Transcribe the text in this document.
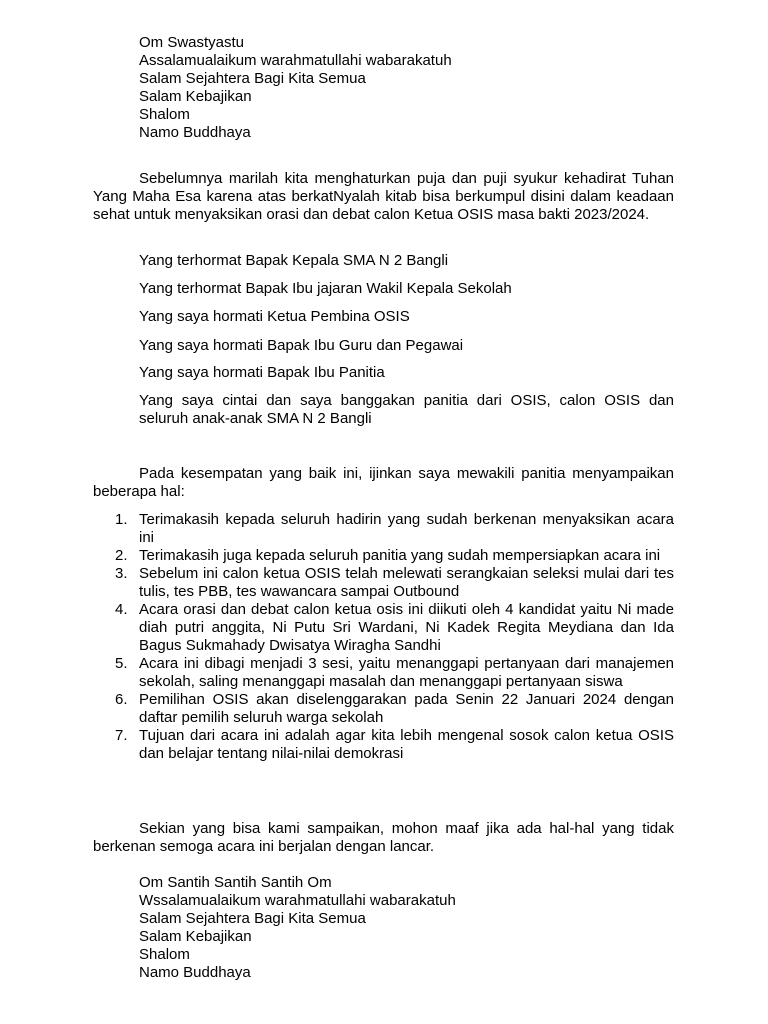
Om Swastyastu
Assalamualaikum warahmatullahi wabarakatuh
Salam Sejahtera Bagi Kita Semua
Salam Kebajikan
Shalom
Namo Buddhaya

Sebelumnya marilah kita menghaturkan puja dan puji syukur kehadirat Tuhan Yang Maha Esa karena atas berkatNyalah kitab bisa berkumpul disini dalam keadaan sehat untuk menyaksikan orasi dan debat calon Ketua OSIS masa bakti 2023/2024.

Yang terhormat Bapak Kepala SMA N 2 Bangli

Yang terhormat Bapak Ibu jajaran Wakil Kepala Sekolah

Yang saya hormati Ketua Pembina OSIS

Yang saya hormati Bapak Ibu Guru dan Pegawai

Yang saya hormati Bapak Ibu Panitia

Yang saya cintai dan saya banggakan panitia dari OSIS, calon OSIS dan seluruh anak-anak SMA N 2 Bangli

Pada kesempatan yang baik ini, ijinkan saya mewakili panitia menyampaikan beberapa hal:

1. Terimakasih kepada seluruh hadirin yang sudah berkenan menyaksikan acara ini
2. Terimakasih juga kepada seluruh panitia yang sudah mempersiapkan acara ini
3. Sebelum ini calon ketua OSIS telah melewati serangkaian seleksi mulai dari tes tulis, tes PBB, tes wawancara sampai Outbound
4. Acara orasi dan debat calon ketua osis ini diikuti oleh 4 kandidat yaitu Ni made diah putri anggita, Ni Putu Sri Wardani, Ni Kadek Regita Meydiana dan Ida Bagus Sukmahady Dwisatya Wiragha Sandhi
5. Acara ini dibagi menjadi 3 sesi, yaitu menanggapi pertanyaan dari manajemen sekolah, saling menanggapi masalah dan menanggapi pertanyaan siswa
6. Pemilihan OSIS akan diselenggarakan pada Senin 22 Januari 2024 dengan daftar pemilih seluruh warga sekolah
7. Tujuan dari acara ini adalah agar kita lebih mengenal sosok calon ketua OSIS dan belajar tentang nilai-nilai demokrasi

Sekian yang bisa kami sampaikan, mohon maaf jika ada hal-hal yang tidak berkenan semoga acara ini berjalan dengan lancar.

Om Santih Santih Santih Om
Wssalamualaikum warahmatullahi wabarakatuh
Salam Sejahtera Bagi Kita Semua
Salam Kebajikan
Shalom
Namo Buddhaya
